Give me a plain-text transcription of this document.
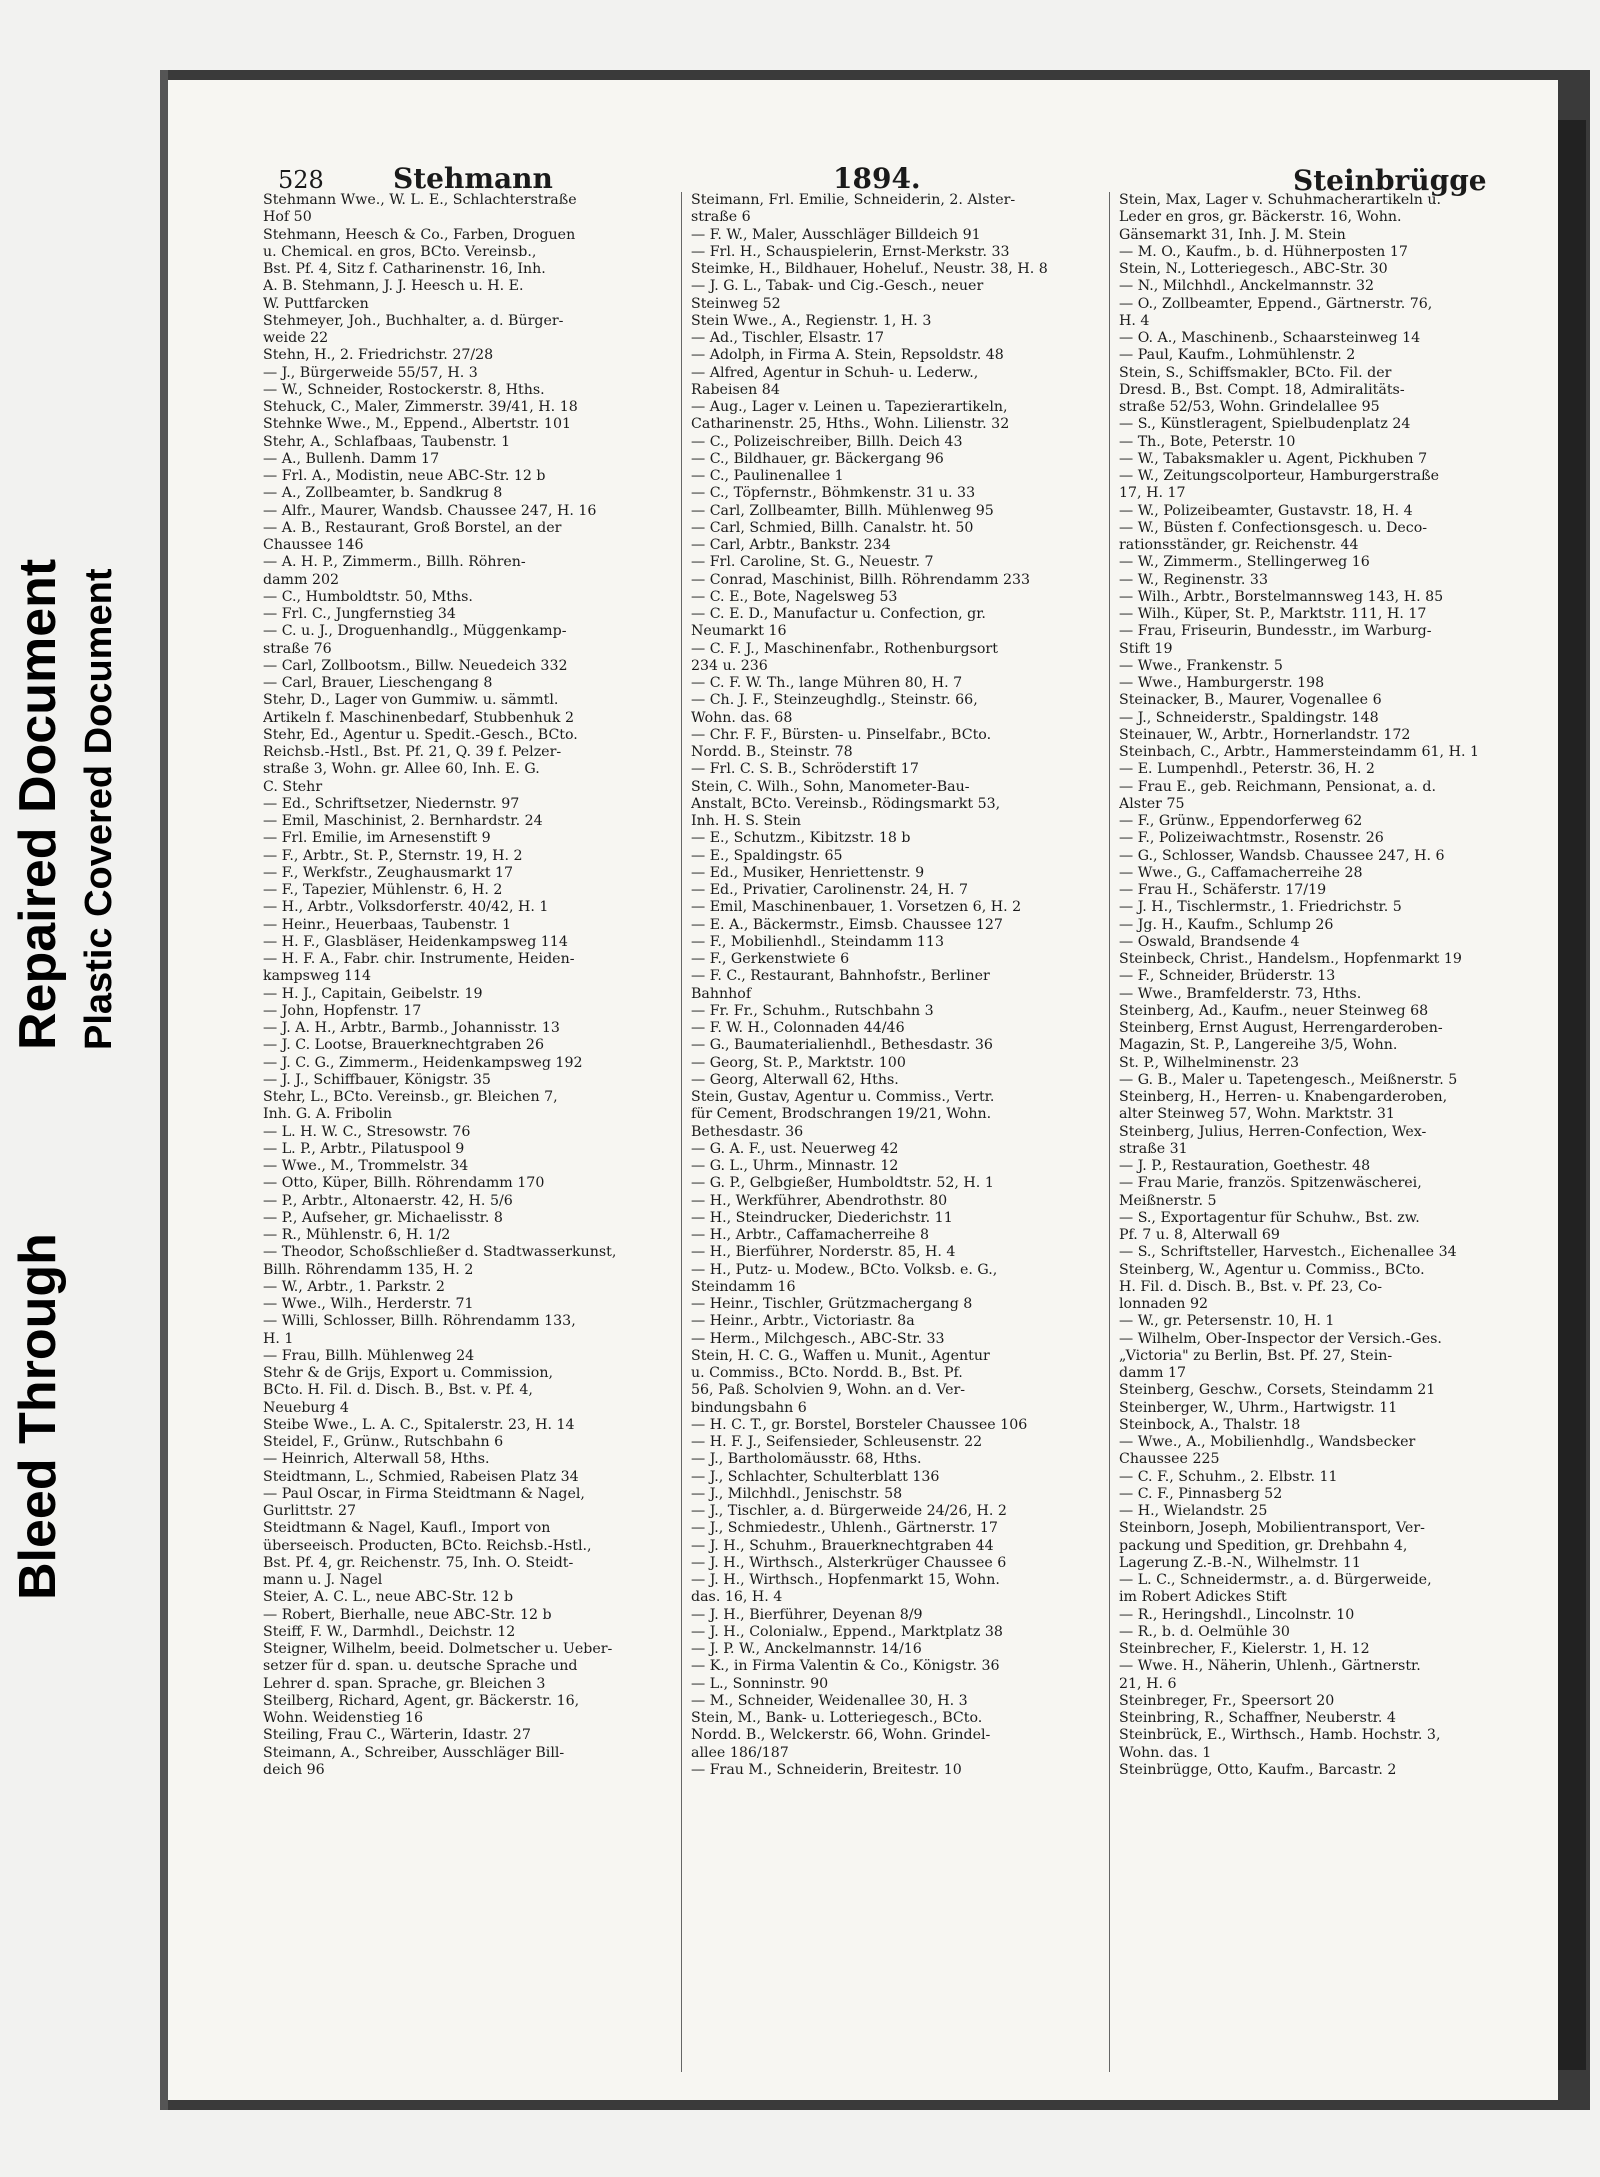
Bleed Through
Repaired Document Plastic Covered Document
528 Stehmann	1894.	Steinbrügge
Stehmann Wwe., W. L. E., Schlachterstraße
Hof 50
Stehmann, Heesch & Co., Farben, Droguen
u. Chemical. en gros, BCto. Vereinsb.,
Bst. Pf. 4, Sitz f. Catharinenstr. 16, Inh.
A. B. Stehmann, J. J. Heesch u. H. E.
W. Puttfarcken
Stehmeyer, Joh., Buchhalter, a. d. Bürger-
weide 22
Stehn, H., 2. Friedrichstr. 27/28
— J., Bürgerweide 55/57, H. 3
— W., Schneider, Rostockerstr. 8, Hths.
Stehuck, C., Maler, Zimmerstr. 39/41, H. 18
Stehnke Wwe., M., Eppend., Albertstr. 101
Stehr, A., Schlafbaas, Taubenstr. 1
— A., Bullenh. Damm 17
— Frl. A., Modistin, neue ABC-Str. 12 b
— A., Zollbeamter, b. Sandkrug 8
— Alfr., Maurer, Wandsb. Chaussee 247, H. 16
— A. B., Restaurant, Groß Borstel, an der
Chaussee 146
— A. H. P., Zimmerm., Billh. Röhren-
damm 202
— C., Humboldtstr. 50, Mths.
— Frl. C., Jungfernstieg 34
— C. u. J., Droguenhandlg., Müggenkamp-
straße 76
— Carl, Zollbootsm., Billw. Neuedeich 332
— Carl, Brauer, Lieschengang 8
Stehr, D., Lager von Gummiw. u. sämmtl.
Artikeln f. Maschinenbedarf, Stubbenhuk 2
Stehr, Ed., Agentur u. Spedit.-Gesch., BCto.
Reichsb.-Hstl., Bst. Pf. 21, Q. 39 f. Pelzer-
straße 3, Wohn. gr. Allee 60, Inh. E. G.
C. Stehr
— Ed., Schriftsetzer, Niedernstr. 97
— Emil, Maschinist, 2. Bernhardstr. 24
— Frl. Emilie, im Arnesenstift 9
— F., Arbtr., St. P., Sternstr. 19, H. 2
— F., Werkfstr., Zeughausmarkt 17
— F., Tapezier, Mühlenstr. 6, H. 2
— H., Arbtr., Volksdorferstr. 40/42, H. 1
— Heinr., Heuerbaas, Taubenstr. 1
— H. F., Glasbläser, Heidenkampsweg 114
— H. F. A., Fabr. chir. Instrumente, Heiden-
kampsweg 114
— H. J., Capitain, Geibelstr. 19
— John, Hopfenstr. 17
— J. A. H., Arbtr., Barmb., Johannisstr. 13
— J. C. Lootse, Brauerknechtgraben 26
— J. C. G., Zimmerm., Heidenkampsweg 192
— J. J., Schiffbauer, Königstr. 35
Stehr, L., BCto. Vereinsb., gr. Bleichen 7,
Inh. G. A. Fribolin
— L. H. W. C., Stresowstr. 76
— L. P., Arbtr., Pilatuspool 9
— Wwe., M., Trommelstr. 34
— Otto, Küper, Billh. Röhrendamm 170
— P., Arbtr., Altonaerstr. 42, H. 5/6
— P., Aufseher, gr. Michaelisstr. 8
— R., Mühlenstr. 6, H. 1/2
— Theodor, Schoßschließer d. Stadtwasserkunst,
Billh. Röhrendamm 135, H. 2
— W., Arbtr., 1. Parkstr. 2
— Wwe., Wilh., Herderstr. 71
— Willi, Schlosser, Billh. Röhrendamm 133,
H. 1
— Frau, Billh. Mühlenweg 24
Stehr & de Grijs, Export u. Commission,
BCto. H. Fil. d. Disch. B., Bst. v. Pf. 4,
Neueburg 4
Steibe Wwe., L. A. C., Spitalerstr. 23, H. 14
Steidel, F., Grünw., Rutschbahn 6
— Heinrich, Alterwall 58, Hths.
Steidtmann, L., Schmied, Rabeisen Platz 34
— Paul Oscar, in Firma Steidtmann & Nagel,
Gurlittstr. 27
Steidtmann & Nagel, Kaufl., Import von
überseeisch. Producten, BCto. Reichsb.-Hstl.,
Bst. Pf. 4, gr. Reichenstr. 75, Inh. O. Steidt-
mann u. J. Nagel
Steier, A. C. L., neue ABC-Str. 12 b
— Robert, Bierhalle, neue ABC-Str. 12 b
Steiff, F. W., Darmhdl., Deichstr. 12
Steigner, Wilhelm, beeid. Dolmetscher u. Ueber-
setzer für d. span. u. deutsche Sprache und
Lehrer d. span. Sprache, gr. Bleichen 3
Steilberg, Richard, Agent, gr. Bäckerstr. 16,
Wohn. Weidenstieg 16
Steiling, Frau C., Wärterin, Idastr. 27
Steimann, A., Schreiber, Ausschläger Bill-
deich 96
Steimann, Frl. Emilie, Schneiderin, 2. Alster-
straße 6
— F. W., Maler, Ausschläger Billdeich 91
— Frl. H., Schauspielerin, Ernst-Merkstr. 33
Steimke, H., Bildhauer, Hoheluf., Neustr. 38, H. 8
— J. G. L., Tabak- und Cig.-Gesch., neuer
Steinweg 52
Stein Wwe., A., Regienstr. 1, H. 3
— Ad., Tischler, Elsastr. 17
— Adolph, in Firma A. Stein, Repsoldstr. 48
— Alfred, Agentur in Schuh- u. Lederw.,
Rabeisen 84
— Aug., Lager v. Leinen u. Tapezierartikeln,
Catharinenstr. 25, Hths., Wohn. Lilienstr. 32
— C., Polizeischreiber, Billh. Deich 43
— C., Bildhauer, gr. Bäckergang 96
— C., Paulinenallee 1
— C., Töpfernstr., Böhmkenstr. 31 u. 33
— Carl, Zollbeamter, Billh. Mühlenweg 95
— Carl, Schmied, Billh. Canalstr. ht. 50
— Carl, Arbtr., Bankstr. 234
— Frl. Caroline, St. G., Neuestr. 7
— Conrad, Maschinist, Billh. Röhrendamm 233
— C. E., Bote, Nagelsweg 53
— C. E. D., Manufactur u. Confection, gr.
Neumarkt 16
— C. F. J., Maschinenfabr., Rothenburgsort
234 u. 236
— C. F. W. Th., lange Mühren 80, H. 7
— Ch. J. F., Steinzeughdlg., Steinstr. 66,
Wohn. das. 68
— Chr. F. F., Bürsten- u. Pinselfabr., BCto.
Nordd. B., Steinstr. 78
— Frl. C. S. B., Schröderstift 17
Stein, C. Wilh., Sohn, Manometer-Bau-
Anstalt, BCto. Vereinsb., Rödingsmarkt 53,
Inh. H. S. Stein
— E., Schutzm., Kibitzstr. 18 b
— E., Spaldingstr. 65
— Ed., Musiker, Henriettenstr. 9
— Ed., Privatier, Carolinenstr. 24, H. 7
— Emil, Maschinenbauer, 1. Vorsetzen 6, H. 2
— E. A., Bäckermstr., Eimsb. Chaussee 127
— F., Mobilienhdl., Steindamm 113
— F., Gerkenstwiete 6
— F. C., Restaurant, Bahnhofstr., Berliner
Bahnhof
— Fr. Fr., Schuhm., Rutschbahn 3
— F. W. H., Colonnaden 44/46
— G., Baumaterialienhdl., Bethesdastr. 36
— Georg, St. P., Marktstr. 100
— Georg, Alterwall 62, Hths.
Stein, Gustav, Agentur u. Commiss., Vertr.
für Cement, Brodschrangen 19/21, Wohn.
Bethesdastr. 36
— G. A. F., ust. Neuerweg 42
— G. L., Uhrm., Minnastr. 12
— G. P., Gelbgießer, Humboldtstr. 52, H. 1
— H., Werkführer, Abendrothstr. 80
— H., Steindrucker, Diederichstr. 11
— H., Arbtr., Caffamacherreihe 8
— H., Bierführer, Norderstr. 85, H. 4
— H., Putz- u. Modew., BCto. Volksb. e. G.,
Steindamm 16
— Heinr., Tischler, Grützmachergang 8
— Heinr., Arbtr., Victoriastr. 8a
— Herm., Milchgesch., ABC-Str. 33
Stein, H. C. G., Waffen u. Munit., Agentur
u. Commiss., BCto. Nordd. B., Bst. Pf.
56, Paß. Scholvien 9, Wohn. an d. Ver-
bindungsbahn 6
— H. C. T., gr. Borstel, Borsteler Chaussee 106
— H. F. J., Seifensieder, Schleusenstr. 22
— J., Bartholomäusstr. 68, Hths.
— J., Schlachter, Schulterblatt 136
— J., Milchhdl., Jenischstr. 58
— J., Tischler, a. d. Bürgerweide 24/26, H. 2
— J., Schmiedestr., Uhlenh., Gärtnerstr. 17
— J. H., Schuhm., Brauerknechtgraben 44
— J. H., Wirthsch., Alsterkrüger Chaussee 6
— J. H., Wirthsch., Hopfenmarkt 15, Wohn.
das. 16, H. 4
— J. H., Bierführer, Deyenan 8/9
— J. H., Colonialw., Eppend., Marktplatz 38
— J. P. W., Anckelmannstr. 14/16
— K., in Firma Valentin & Co., Königstr. 36
— L., Sonninstr. 90
— M., Schneider, Weidenallee 30, H. 3
Stein, M., Bank- u. Lotteriegesch., BCto.
Nordd. B., Welckerstr. 66, Wohn. Grindel-
allee 186/187
— Frau M., Schneiderin, Breitestr. 10
Stein, Max, Lager v. Schuhmacherartikeln u.
Leder en gros, gr. Bäckerstr. 16, Wohn.
Gänsemarkt 31, Inh. J. M. Stein
— M. O., Kaufm., b. d. Hühnerposten 17
Stein, N., Lotteriegesch., ABC-Str. 30
— N., Milchhdl., Anckelmannstr. 32
— O., Zollbeamter, Eppend., Gärtnerstr. 76,
H. 4
— O. A., Maschinenb., Schaarsteinweg 14
— Paul, Kaufm., Lohmühlenstr. 2
Stein, S., Schiffsmakler, BCto. Fil. der
Dresd. B., Bst. Compt. 18, Admiralitäts-
straße 52/53, Wohn. Grindelallee 95
— S., Künstleragent, Spielbudenplatz 24
— Th., Bote, Peterstr. 10
— W., Tabaksmakler u. Agent, Pickhuben 7
— W., Zeitungscolporteur, Hamburgerstraße
17, H. 17
— W., Polizeibeamter, Gustavstr. 18, H. 4
— W., Büsten f. Confectionsgesch. u. Deco-
rationsständer, gr. Reichenstr. 44
— W., Zimmerm., Stellingerweg 16
— W., Reginenstr. 33
— Wilh., Arbtr., Borstelmannsweg 143, H. 85
— Wilh., Küper, St. P., Marktstr. 111, H. 17
— Frau, Friseurin, Bundesstr., im Warburg-
Stift 19
— Wwe., Frankenstr. 5
— Wwe., Hamburgerstr. 198
Steinacker, B., Maurer, Vogenallee 6
— J., Schneiderstr., Spaldingstr. 148
Steinauer, W., Arbtr., Hornerlandstr. 172
Steinbach, C., Arbtr., Hammersteindamm 61, H. 1
— E. Lumpenhdl., Peterstr. 36, H. 2
— Frau E., geb. Reichmann, Pensionat, a. d.
Alster 75
— F., Grünw., Eppendorferweg 62
— F., Polizeiwachtmstr., Rosenstr. 26
— G., Schlosser, Wandsb. Chaussee 247, H. 6
— Wwe., G., Caffamacherreihe 28
— Frau H., Schäferstr. 17/19
— J. H., Tischlermstr., 1. Friedrichstr. 5
— Jg. H., Kaufm., Schlump 26
— Oswald, Brandsende 4
Steinbeck, Christ., Handelsm., Hopfenmarkt 19
— F., Schneider, Brüderstr. 13
— Wwe., Bramfelderstr. 73, Hths.
Steinberg, Ad., Kaufm., neuer Steinweg 68
Steinberg, Ernst August, Herrengarderoben-
Magazin, St. P., Langereihe 3/5, Wohn.
St. P., Wilhelminenstr. 23
— G. B., Maler u. Tapetengesch., Meißnerstr. 5
Steinberg, H., Herren- u. Knabengarderoben,
alter Steinweg 57, Wohn. Marktstr. 31
Steinberg, Julius, Herren-Confection, Wex-
straße 31
— J. P., Restauration, Goethestr. 48
— Frau Marie, französ. Spitzenwäscherei,
Meißnerstr. 5
— S., Exportagentur für Schuhw., Bst. zw.
Pf. 7 u. 8, Alterwall 69
— S., Schriftsteller, Harvestch., Eichenallee 34
Steinberg, W., Agentur u. Commiss., BCto.
H. Fil. d. Disch. B., Bst. v. Pf. 23, Co-
lonnaden 92
— W., gr. Petersenstr. 10, H. 1
— Wilhelm, Ober-Inspector der Versich.-Ges.
„Victoria" zu Berlin, Bst. Pf. 27, Stein-
damm 17
Steinberg, Geschw., Corsets, Steindamm 21
Steinberger, W., Uhrm., Hartwigstr. 11
Steinbock, A., Thalstr. 18
— Wwe., A., Mobilienhdlg., Wandsbecker
Chaussee 225
— C. F., Schuhm., 2. Elbstr. 11
— C. F., Pinnasberg 52
— H., Wielandstr. 25
Steinborn, Joseph, Mobilientransport, Ver-
packung und Spedition, gr. Drehbahn 4,
Lagerung Z.-B.-N., Wilhelmstr. 11
— L. C., Schneidermstr., a. d. Bürgerweide,
im Robert Adickes Stift
— R., Heringshdl., Lincolnstr. 10
— R., b. d. Oelmühle 30
Steinbrecher, F., Kielerstr. 1, H. 12
— Wwe. H., Näherin, Uhlenh., Gärtnerstr.
21, H. 6
Steinbreger, Fr., Speersort 20
Steinbring, R., Schaffner, Neuberstr. 4
Steinbrück, E., Wirthsch., Hamb. Hochstr. 3,
Wohn. das. 1
Steinbrügge, Otto, Kaufm., Barcastr. 2
